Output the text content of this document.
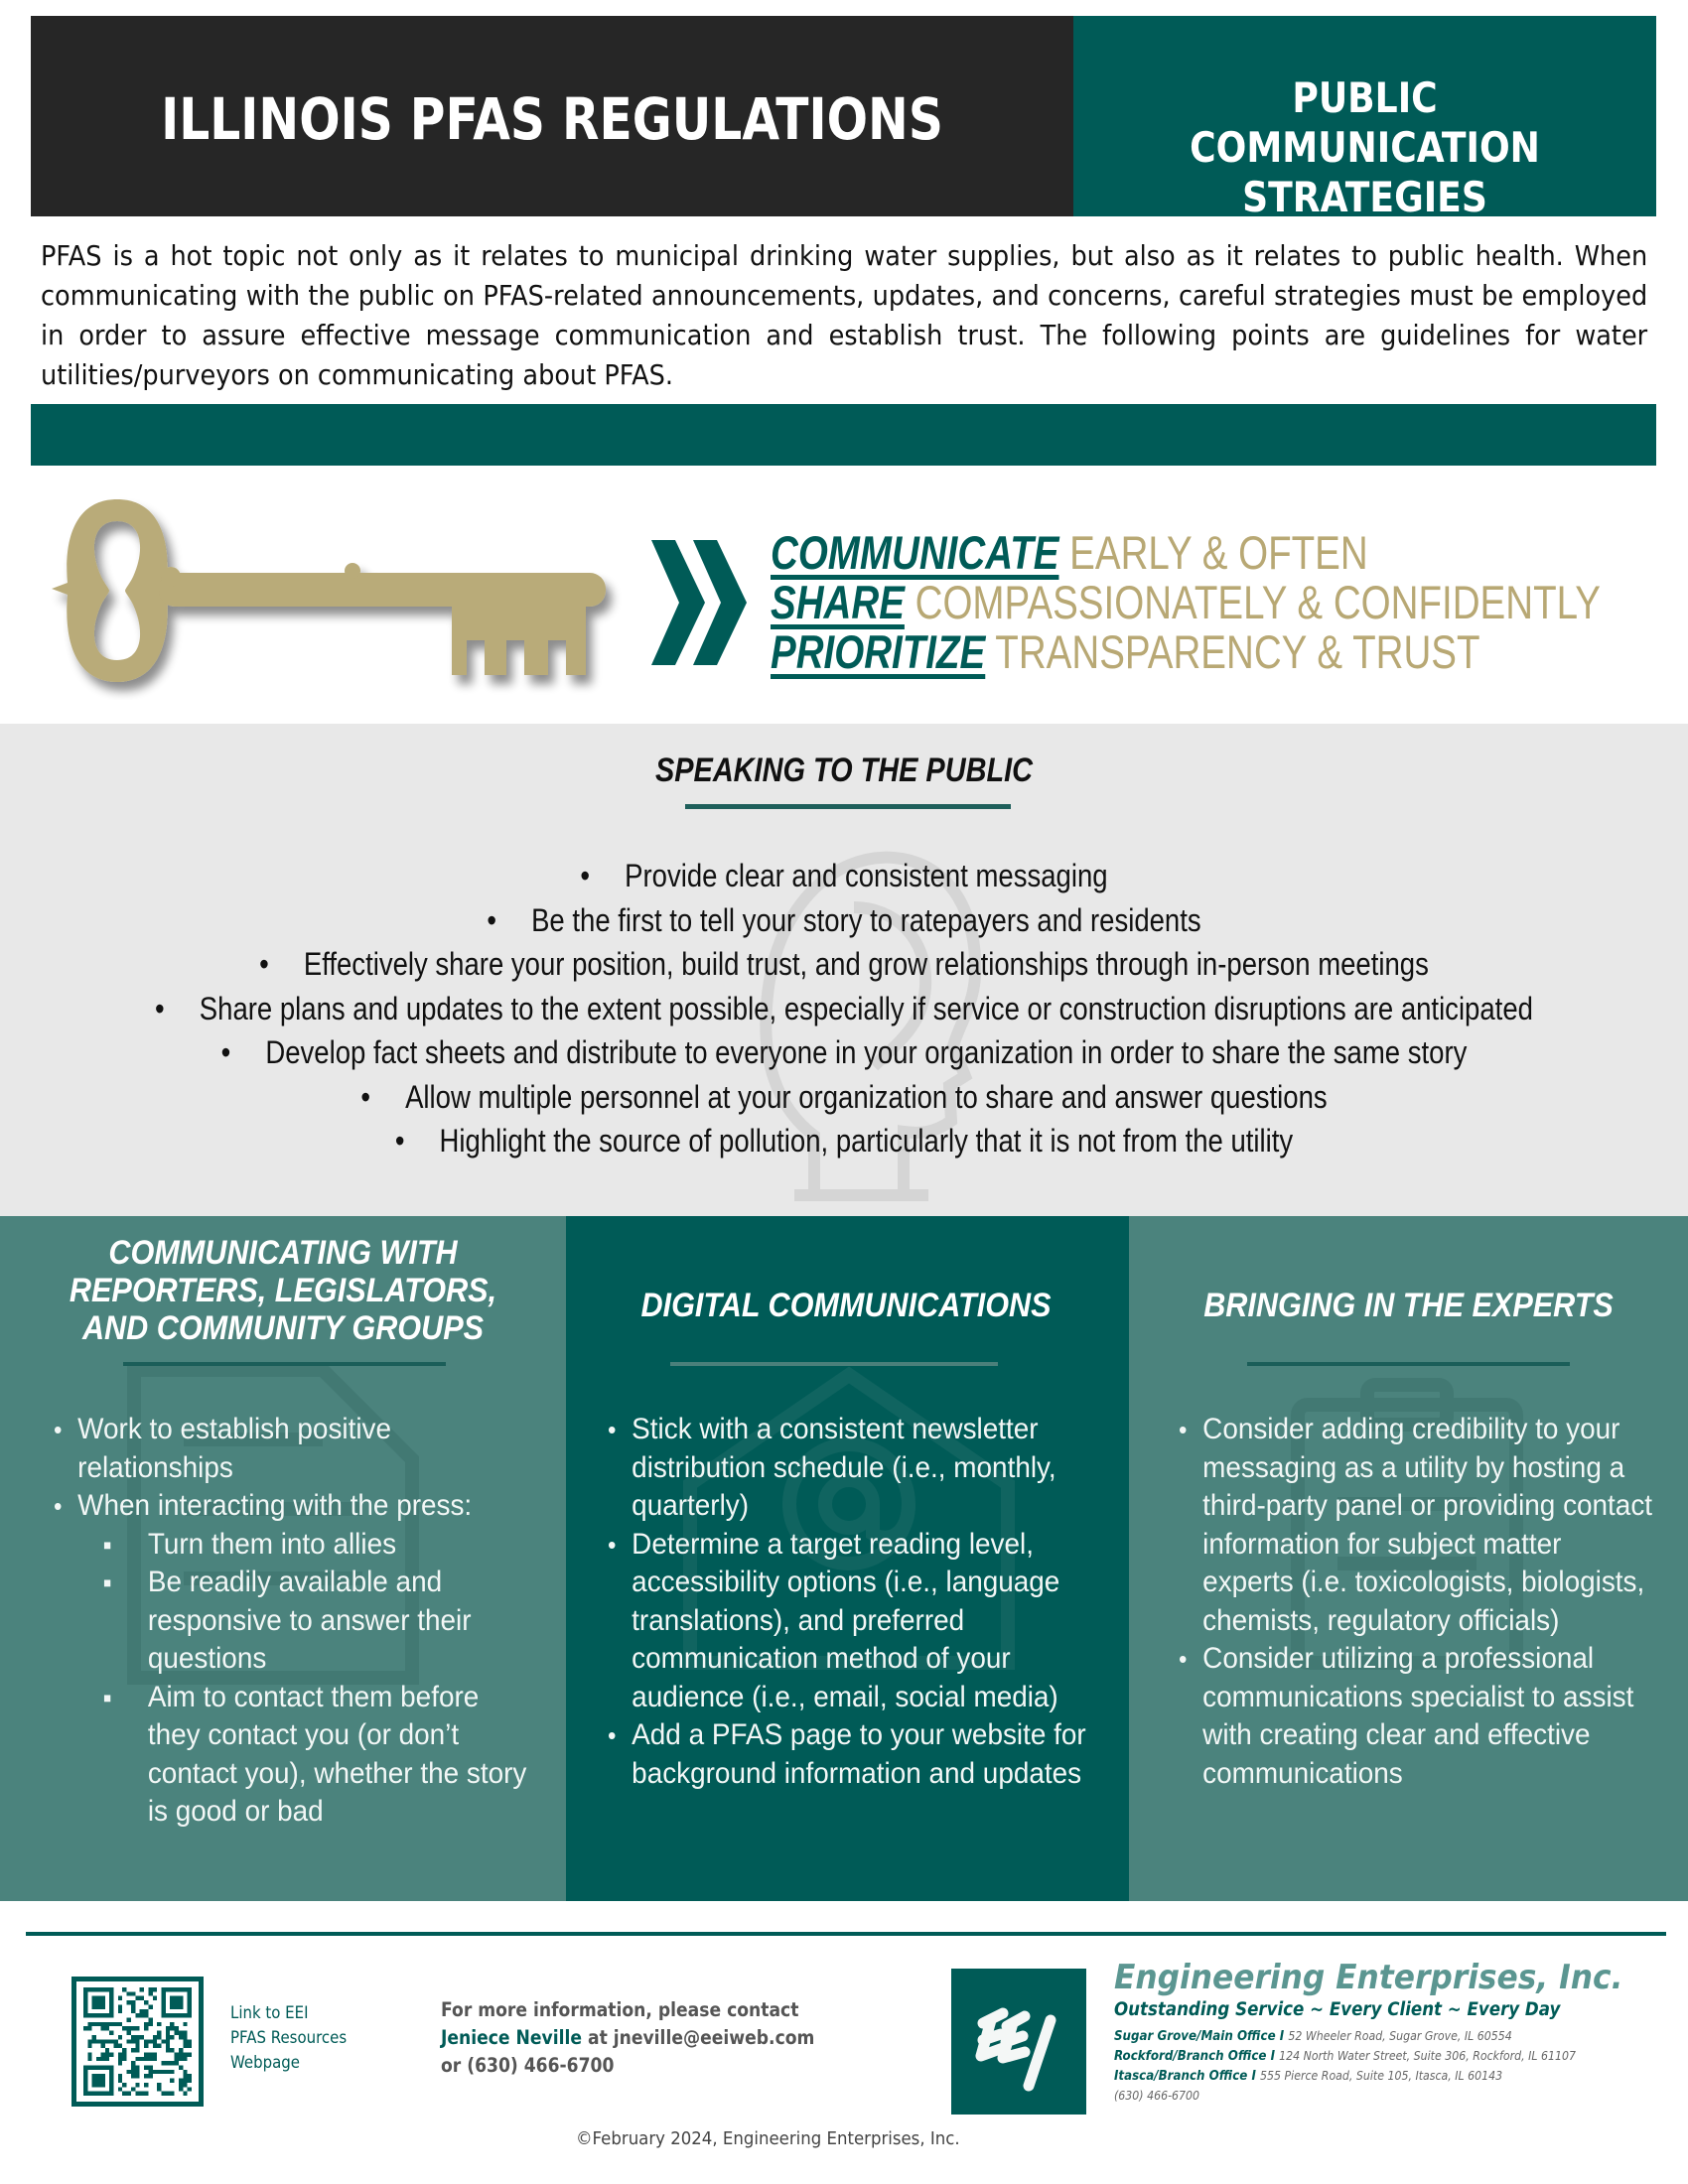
ILLINOIS PFAS REGULATIONS	PUBLIC COMMUNICATION
STRATEGIES

PFAS is a hot topic not only as it relates to municipal drinking water supplies, but also as it relates to public health. When communicating with the public on PFAS-related announcements, updates, and concerns, careful strategies must be employed in order to assure effective message communication and establish trust. The following points are guidelines for water utilities/purveyors on communicating about PFAS.

COMMUNICATE EARLY & OFTEN
SHARE COMPASSIONATELY & CONFIDENTLY
PRIORITIZE TRANSPARENCY & TRUST
SPEAKING TO THE PUBLIC
• Provide clear and consistent messaging
• Be the first to tell your story to ratepayers and residents
• Effectively share your position, build trust, and grow relationships through in-person meetings
• Share plans and updates to the extent possible, especially if service or construction disruptions are anticipated
• Develop fact sheets and distribute to everyone in your organization in order to share the same story
• Allow multiple personnel at your organization to share and answer questions
• Highlight the source of pollution, particularly that it is not from the utility
COMMUNICATING WITH
REPORTERS, LEGISLATORS,
AND COMMUNITY GROUPS
• Work to establish positive relationships
• When interacting with the press:
■ Turn them into allies
■ Be readily available and responsive to answer their questions
■ Aim to contact them before they contact you (or don’t contact you), whether the story is good or bad
DIGITAL COMMUNICATIONS
• Stick with a consistent newsletter distribution schedule (i.e., monthly, quarterly)
• Determine a target reading level, accessibility options (i.e., language translations), and preferred communication method of your audience (i.e., email, social media)
• Add a PFAS page to your website for background information and updates
BRINGING IN THE EXPERTS
• Consider adding credibility to your messaging as a utility by hosting a third-party panel or providing contact information for subject matter experts (i.e. toxicologists, biologists, chemists, regulatory officials)
• Consider utilizing a professional communications specialist to assist with creating clear and effective communications
Link to EEI
PFAS Resources
Webpage
For more information, please contact
Jeniece Neville at jneville@eeiweb.com
or (630) 466-6700
Engineering Enterprises, Inc.
Outstanding Service ~ Every Client ~ Every Day
Sugar Grove/Main Office I 52 Wheeler Road, Sugar Grove, IL 60554
Rockford/Branch Office I 124 North Water Street, Suite 306, Rockford, IL 61107
Itasca/Branch Office I 555 Pierce Road, Suite 105, Itasca, IL 60143
(630) 466-6700
©February 2024, Engineering Enterprises, Inc.
